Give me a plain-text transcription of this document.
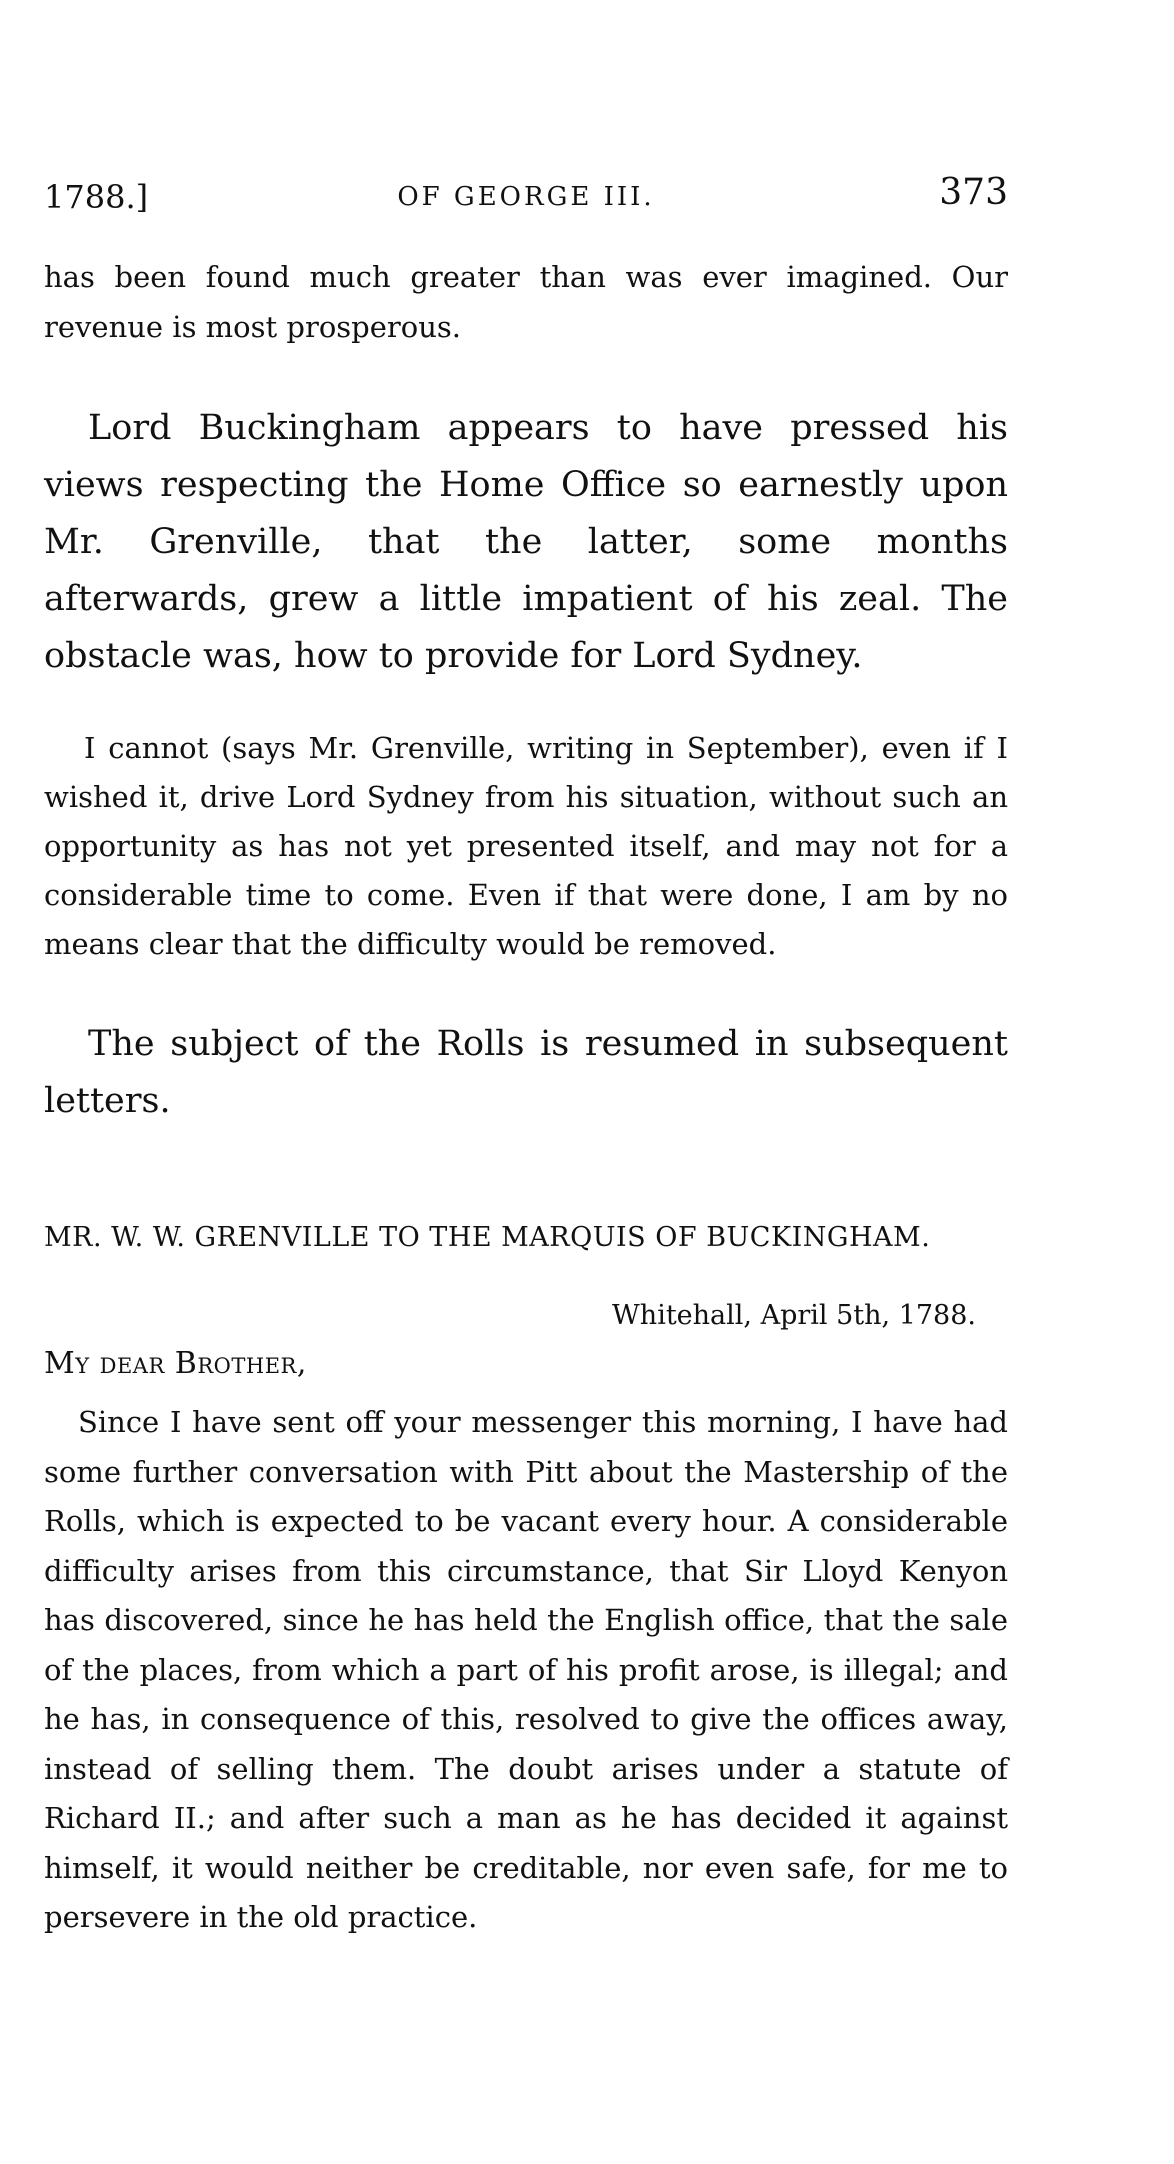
1788.]	OF GEORGE III.	373

has been found much greater than was ever imagined. Our revenue is most prosperous.

Lord Buckingham appears to have pressed his views respecting the Home Office so earnestly upon Mr. Grenville, that the latter, some months afterwards, grew a little impatient of his zeal. The obstacle was, how to provide for Lord Sydney.

I cannot (says Mr. Grenville, writing in September), even if I wished it, drive Lord Sydney from his situation, without such an opportunity as has not yet presented itself, and may not for a considerable time to come. Even if that were done, I am by no means clear that the difficulty would be removed.

The subject of the Rolls is resumed in subsequent letters.

MR. W. W. GRENVILLE TO THE MARQUIS OF BUCKINGHAM.
Whitehall, April 5th, 1788.
My dear Brother,

Since I have sent off your messenger this morning, I have had some further conversation with Pitt about the Mastership of the Rolls, which is expected to be vacant every hour. A considerable difficulty arises from this circumstance, that Sir Lloyd Kenyon has discovered, since he has held the English office, that the sale of the places, from which a part of his profit arose, is illegal; and he has, in consequence of this, resolved to give the offices away, instead of selling them. The doubt arises under a statute of Richard II.; and after such a man as he has decided it against himself, it would neither be creditable, nor even safe, for me to persevere in the old practice.
